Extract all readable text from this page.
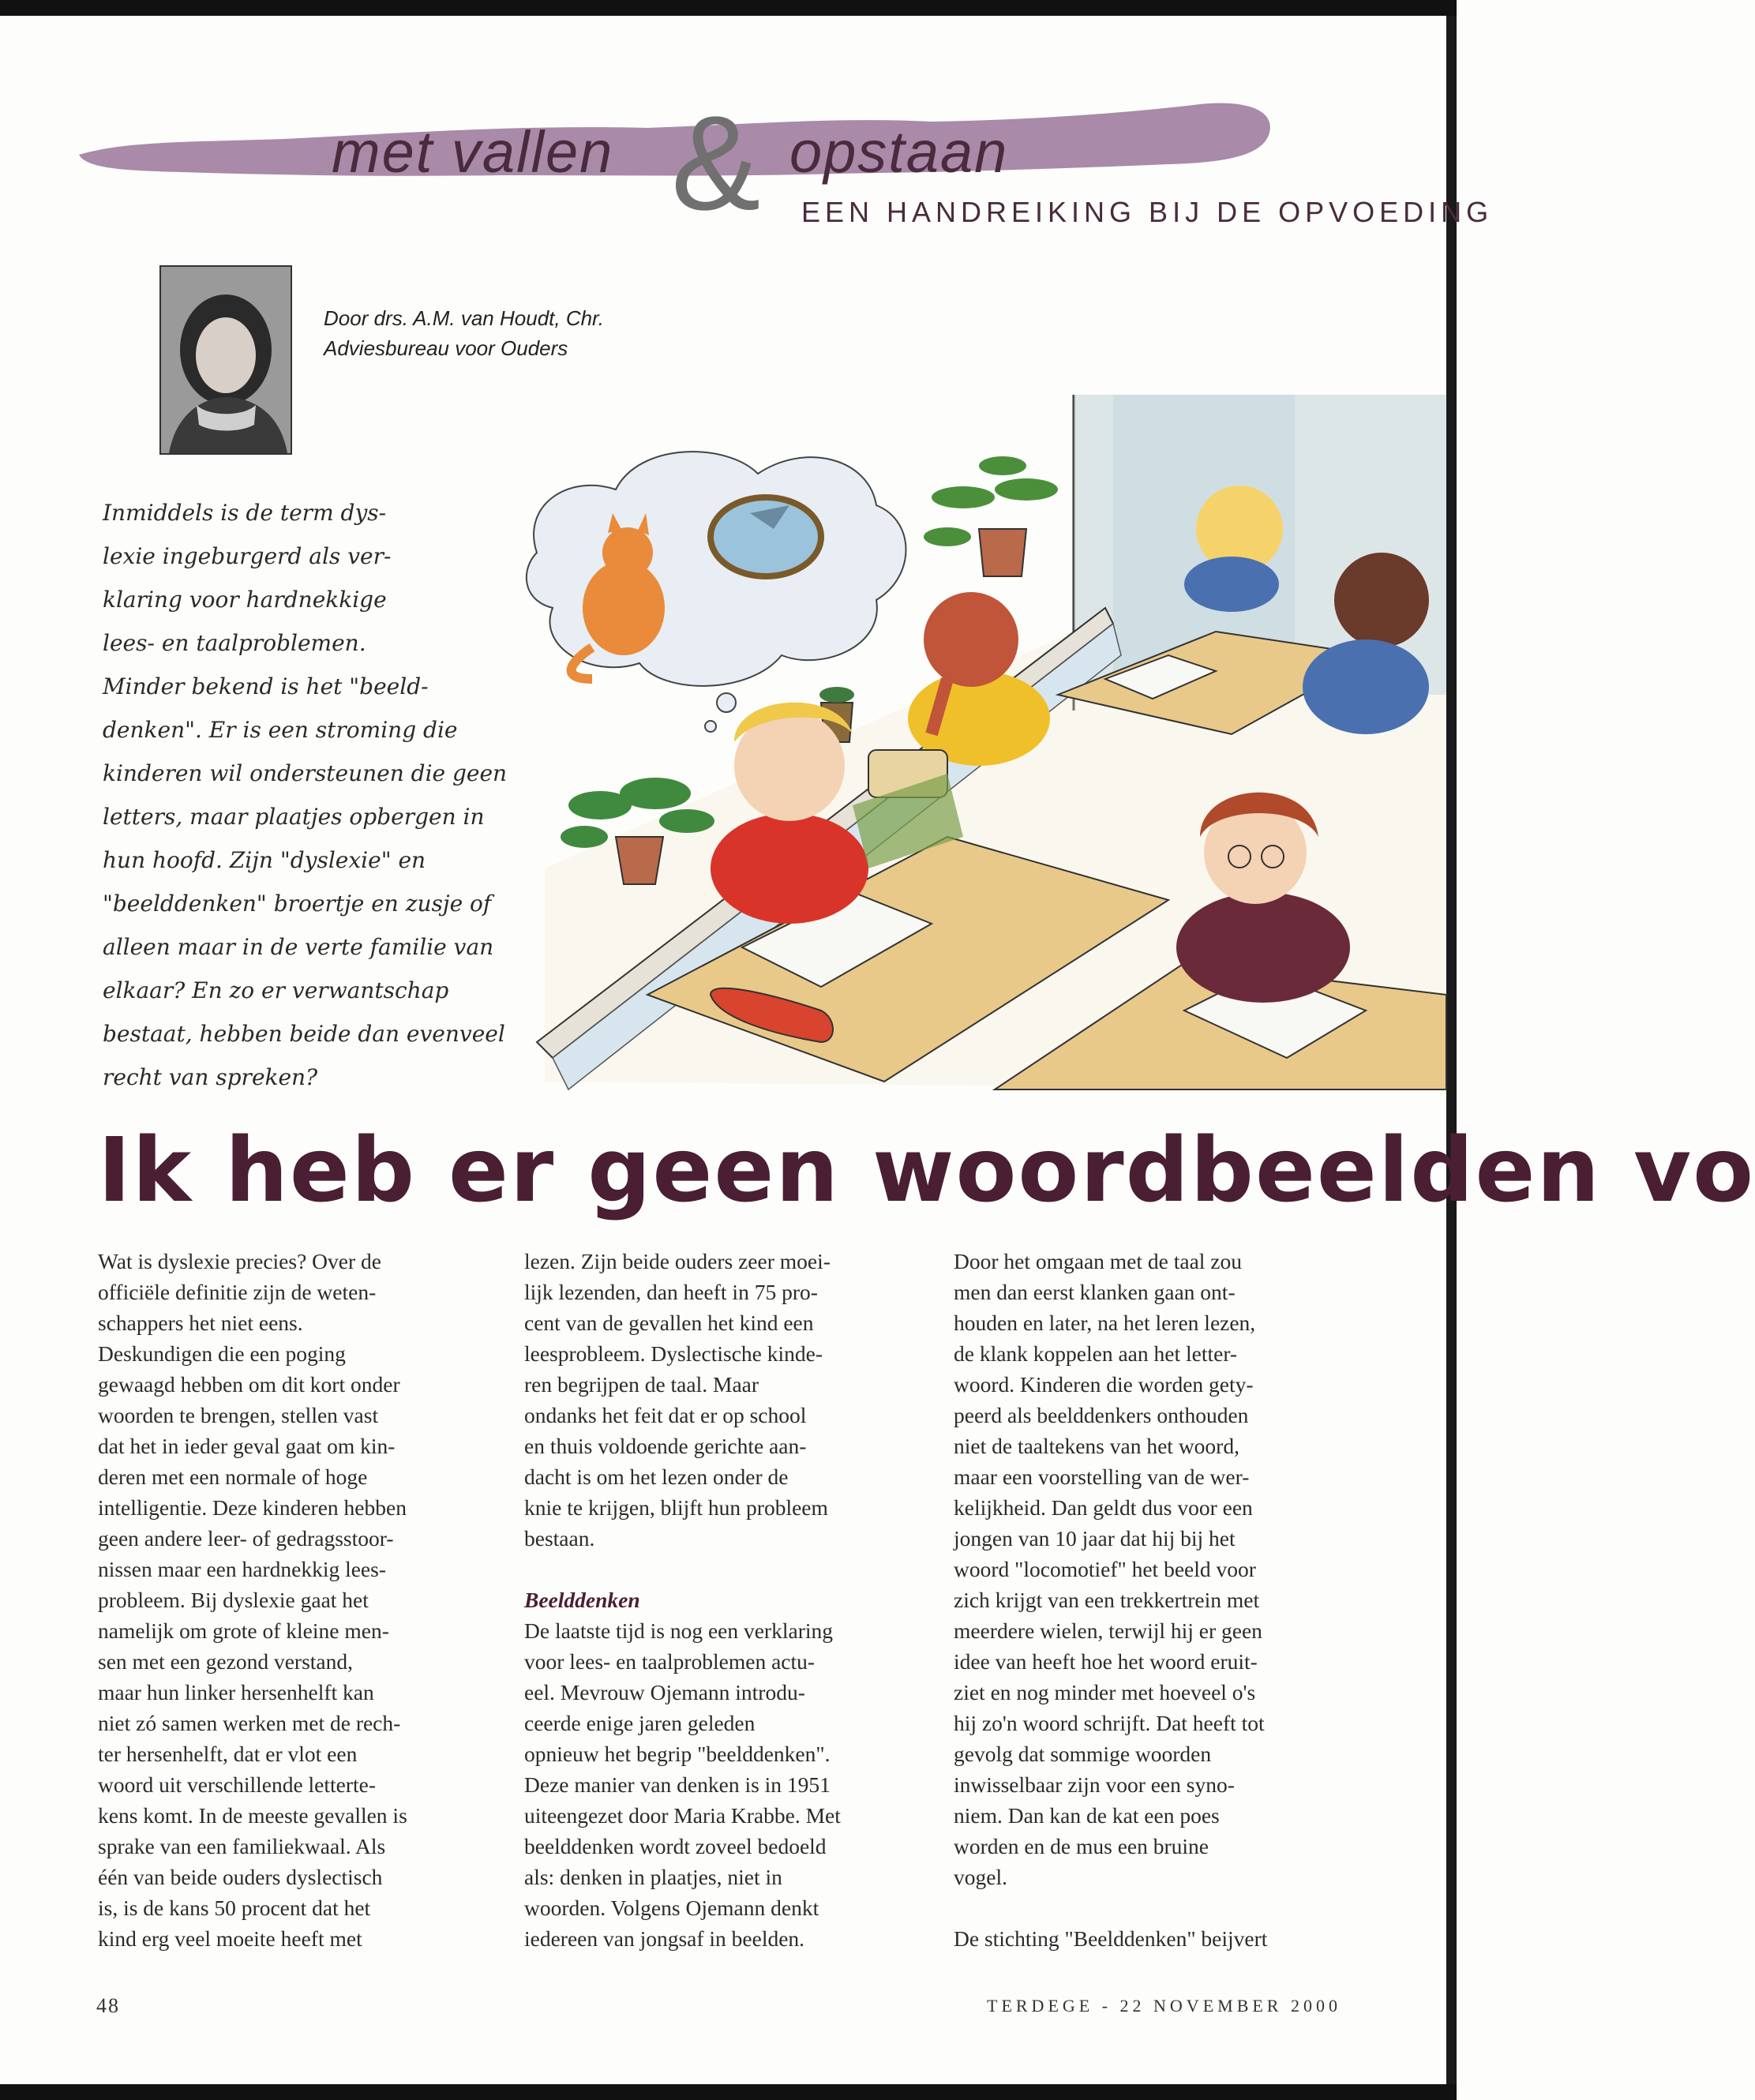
met vallen & opstaan
EEN HANDREIKING BIJ DE OPVOEDING
Door drs. A.M. van Houdt, Chr.
Adviesbureau voor Ouders
Inmiddels is de term dys-
lexie ingeburgerd als ver-
klaring voor hardnekkige
lees- en taalproblemen.
Minder bekend is het "beeld-
denken". Er is een stroming die
kinderen wil ondersteunen die geen
letters, maar plaatjes opbergen in
hun hoofd. Zijn "dyslexie" en
"beelddenken" broertje en zusje of
alleen maar in de verte familie van
elkaar? En zo er verwantschap
bestaat, hebben beide dan evenveel
recht van spreken?
Ik heb er geen woordbeelden vo
Wat is dyslexie precies? Over de
officiële definitie zijn de weten-
schappers het niet eens.
Deskundigen die een poging
gewaagd hebben om dit kort onder
woorden te brengen, stellen vast
dat het in ieder geval gaat om kin-
deren met een normale of hoge
intelligentie. Deze kinderen hebben
geen andere leer- of gedragsstoor-
nissen maar een hardnekkig lees-
probleem. Bij dyslexie gaat het
namelijk om grote of kleine men-
sen met een gezond verstand,
maar hun linker hersenhelft kan
niet zó samen werken met de rech-
ter hersenhelft, dat er vlot een
woord uit verschillende letterte-
kens komt. In de meeste gevallen is
sprake van een familiekwaal. Als
één van beide ouders dyslectisch
is, is de kans 50 procent dat het
kind erg veel moeite heeft met
lezen. Zijn beide ouders zeer moei-
lijk lezenden, dan heeft in 75 pro-
cent van de gevallen het kind een
leesprobleem. Dyslectische kinde-
ren begrijpen de taal. Maar
ondanks het feit dat er op school
en thuis voldoende gerichte aan-
dacht is om het lezen onder de
knie te krijgen, blijft hun probleem
bestaan.
Beelddenken
De laatste tijd is nog een verklaring
voor lees- en taalproblemen actu-
eel. Mevrouw Ojemann introdu-
ceerde enige jaren geleden
opnieuw het begrip "beelddenken".
Deze manier van denken is in 1951
uiteengezet door Maria Krabbe. Met
beelddenken wordt zoveel bedoeld
als: denken in plaatjes, niet in
woorden. Volgens Ojemann denkt
iedereen van jongsaf in beelden.
Door het omgaan met de taal zou
men dan eerst klanken gaan ont-
houden en later, na het leren lezen,
de klank koppelen aan het letter-
woord. Kinderen die worden gety-
peerd als beelddenkers onthouden
niet de taaltekens van het woord,
maar een voorstelling van de wer-
kelijkheid. Dan geldt dus voor een
jongen van 10 jaar dat hij bij het
woord "locomotief" het beeld voor
zich krijgt van een trekkertrein met
meerdere wielen, terwijl hij er geen
idee van heeft hoe het woord eruit-
ziet en nog minder met hoeveel o's
hij zo'n woord schrijft. Dat heeft tot
gevolg dat sommige woorden
inwisselbaar zijn voor een syno-
niem. Dan kan de kat een poes
worden en de mus een bruine
vogel.
De stichting "Beelddenken" beijvert
48	TERDEGE - 22 NOVEMBER 2000
